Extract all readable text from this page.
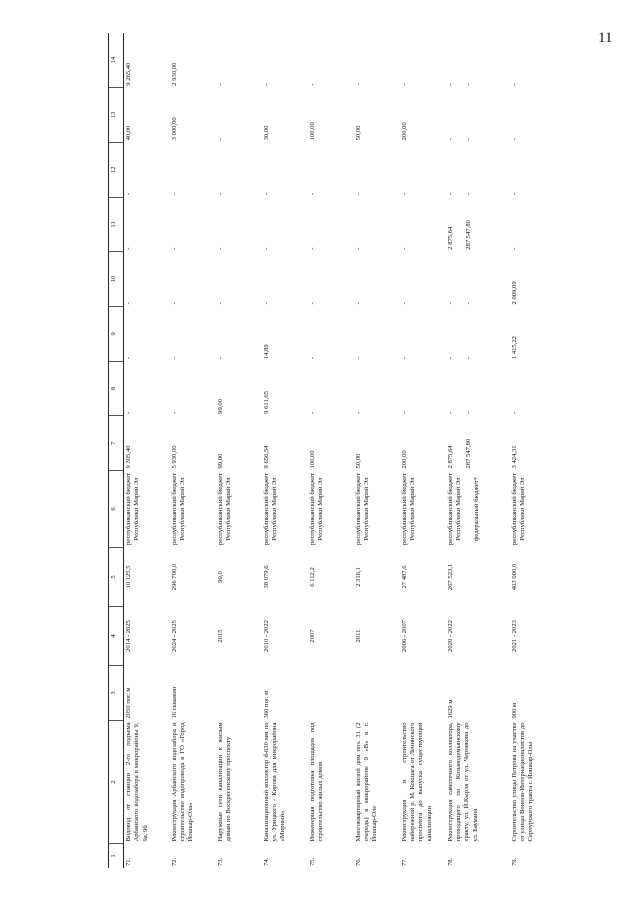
11
1	2	3	4	5	6	7	8	9	10	11	12	13	14
71.	Водовод от станции 2-го подъема Арбанского водозабора в микрорайоны 9, 9а, 9б	2050 пог. м	2014 - 2025	10 125,5	республиканский бюджет Республики Марий Эл	9 305,40	-	-	-	-	-	40,00	9 265,40
72.	Реконструкция Арбанского водозабора и строительство водопровода в ГО «Город Йошкар-Ола»	16 скважин	2024 - 2025	296 700,0	республиканский бюджет Республики Марий Эл	5 930,00	-	-	-	-	-	3 000,00	2 930,00
73.	Наружные сети канализации к жилым домам по Воскресенскому проспекту		2015	99,0	республиканский бюджет Республики Марий Эл	99,00	99,00	-	-	-	-	-	-
74.	Канализационный коллектор d-630 мм по ул. Урицкого - Кирова для микрорайона «Мирный»	360 пог. м	2010 - 2022	38 079,6	республиканский бюджет Республики Марий Эл	9 656,54	9 611,65	14,89	-	-	-	30,00	-
75.	Инженерная подготовка площадок под строительство жилых домов		2007	6 112,2	республиканский бюджет Республики Марий Эл	100,00	-	-	-	-	-	100,00	-
76.	Многоквартирный жилой дом поз. 31 (2 очередь) в микрорайоне 9 «В» в г. Йошкар-Оле		2011	2 316,1	республиканский бюджет Республики Марий Эл	50,00	-	-	-	-	-	50,00	-
77.	Реконструкция и строительство набережной р. М. Кокшага от Ленинского проспекта до выпуска существующей канализации		2006 - 2007	27 487,6	республиканский бюджет Республики Марий Эл	200,00	-	-	-	-	-	200,00	-
78.	Реконструкция самотечного коллектора, проходящего по Козьмодемьянскому тракту, ул. Й.Кырля от ул. Чернякова до ул. Баумана	1629 м	2020 - 2022	267 523,1	республиканский бюджет Республики Марий Эл федеральный бюджет*	2 875,64 287 547,80	- -	- -	- -	2 875,64 287 547,80	- -	- -	- -

79.	Строительство улицы Петрова на участке от улицы Воинов-Интернационалистов до Сернурского тракта г. Йошкар-Олы	900 м	2021 - 2023	403 000,0	республиканский бюджет Республики Марий Эл	3 424,31	-	1 415,22	2 009,09	-	-	-	-
